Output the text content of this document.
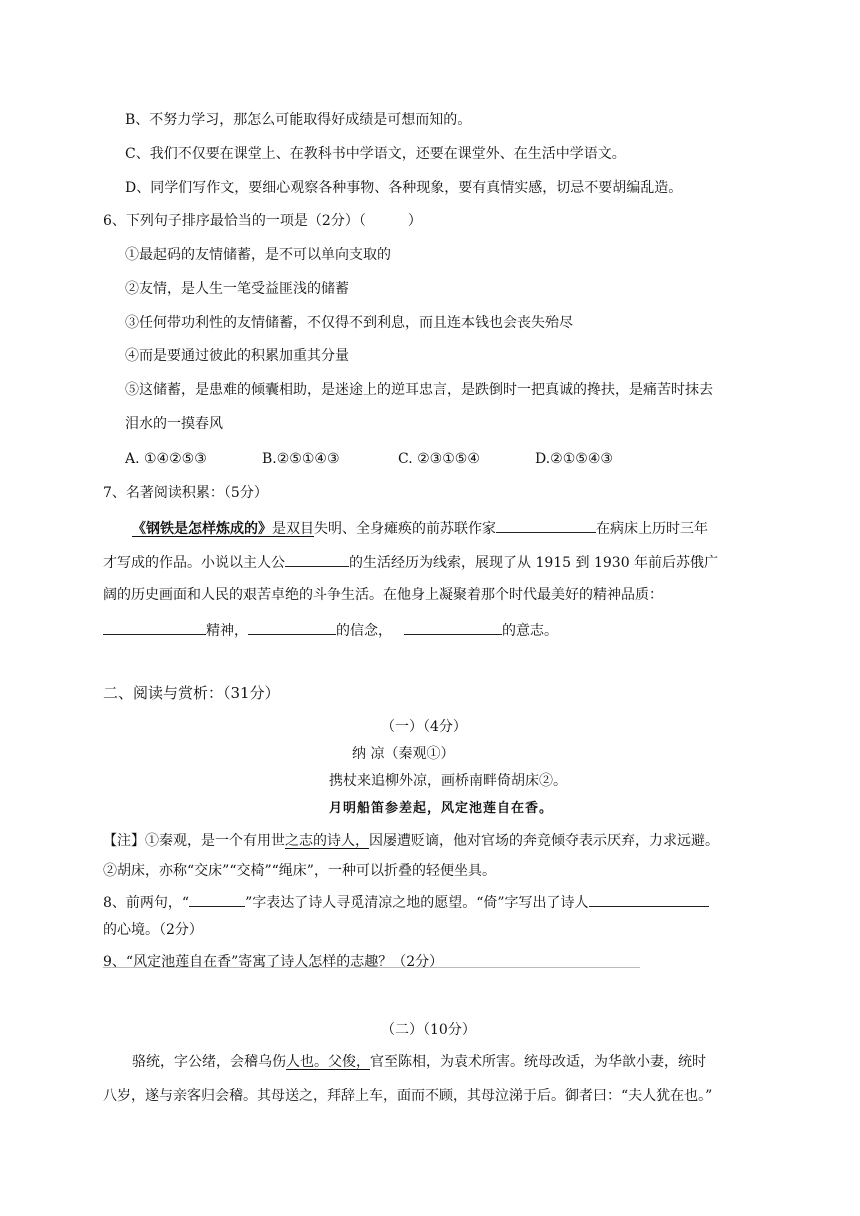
B、不努力学习，那怎么可能取得好成绩是可想而知的。
C、我们不仅要在课堂上、在教科书中学语文，还要在课堂外、在生活中学语文。
D、同学们写作文，要细心观察各种事物、各种现象，要有真情实感，切忌不要胡编乱造。
6、下列句子排序最恰当的一项是（2分）（　　　）
①最起码的友情储蓄，是不可以单向支取的
②友情，是人生一笔受益匪浅的储蓄
③任何带功利性的友情储蓄，不仅得不到利息，而且连本钱也会丧失殆尽
④而是要通过彼此的积累加重其分量
⑤这储蓄，是患难的倾囊相助，是迷途上的逆耳忠言，是跌倒时一把真诚的搀扶，是痛苦时抹去
泪水的一摸春风
A. ①④②⑤③	B.②⑤①④③	C. ②③①⑤④	D.②①⑤④③
7、名著阅读积累：（5分）
《钢铁是怎样炼成的》是双目失明、全身瘫痪的前苏联作家	在病床上历时三年
才写成的作品。小说以主人公	的生活经历为线索，展现了从 1915 到 1930 年前后苏俄广
阔的历史画面和人民的艰苦卓绝的斗争生活。在他身上凝聚着那个时代最美好的精神品质：
精神，	的信念，	的意志。
二、阅读与赏析：（31分）
（一）（4分）
纳 凉（秦观①）
携杖来追柳外凉，画桥南畔倚胡床②。
月明船笛参差起，风定池莲自在香。
【注】①秦观，是一个有用世之志的诗人，因屡遭贬谪，他对官场的奔竞倾夺表示厌弃，力求远避。
②胡床，亦称“交床”“交椅”“绳床”，一种可以折叠的轻便坐具。
8、前两句，“	”字表达了诗人寻觅清凉之地的愿望。“倚”字写出了诗人
的心境。（2分）
9、“风定池莲自在香”寄寓了诗人怎样的志趣？（2分）
（二）（10分）
骆统，字公绪，会稽乌伤人也。父俊，官至陈相，为袁术所害。统母改适，为华歆小妻，统时
八岁，遂与亲客归会稽。其母送之，拜辞上车，面而不顾，其母泣涕于后。御者曰：“夫人犹在也。”
